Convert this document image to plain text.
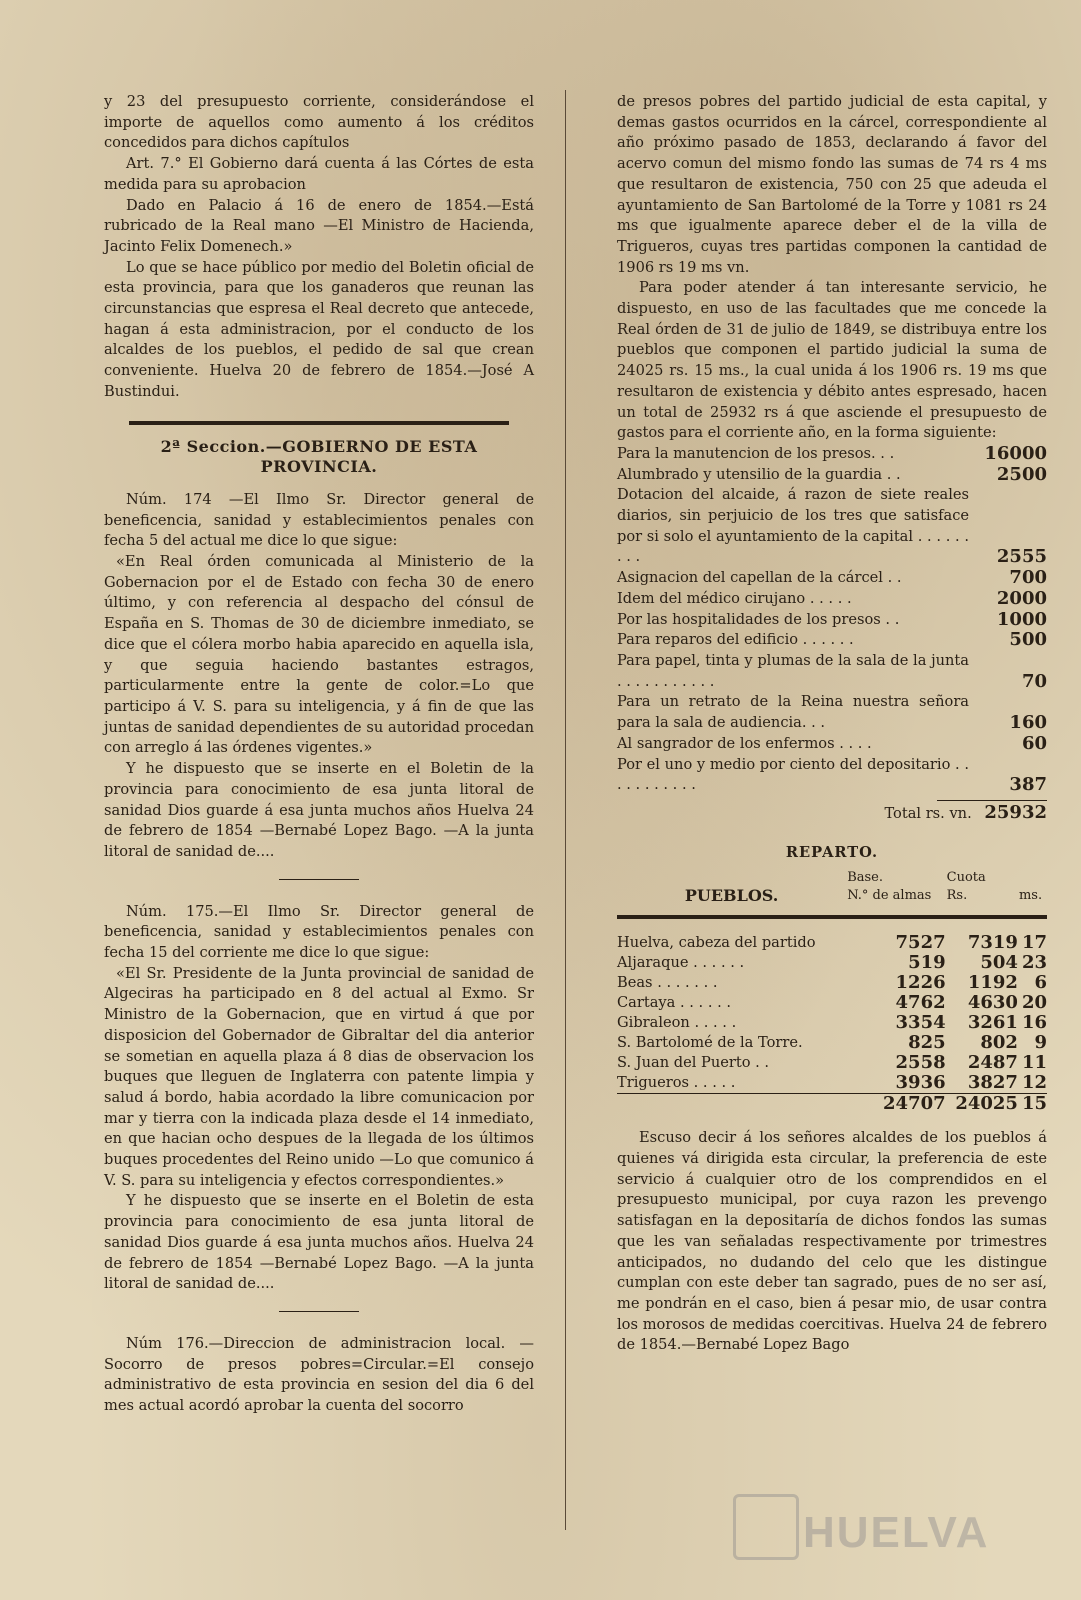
y 23 del presupuesto corriente, considerándose el importe de aquellos como aumento á los créditos concedidos para dichos capítulos

Art. 7.° El Gobierno dará cuenta á las Córtes de esta medida para su aprobacion

Dado en Palacio á 16 de enero de 1854.—Está rubricado de la Real mano —El Ministro de Hacienda, Jacinto Felix Domenech.»

Lo que se hace público por medio del Boletin oficial de esta provincia, para que los ganaderos que reunan las circunstancias que espresa el Real decreto que antecede, hagan á esta administracion, por el conducto de los alcaldes de los pueblos, el pedido de sal que crean conveniente. Huelva 20 de febrero de 1854.—José A Bustindui.

2ª Seccion.—GOBIERNO DE ESTA PROVINCIA.

Núm. 174 —El Ilmo Sr. Director general de beneficencia, sanidad y establecimientos penales con fecha 5 del actual me dice lo que sigue:

«En Real órden comunicada al Ministerio de la Gobernacion por el de Estado con fecha 30 de enero último, y con referencia al despacho del cónsul de España en S. Thomas de 30 de diciembre inmediato, se dice que el cólera morbo habia aparecido en aquella isla, y que seguia haciendo bastantes estragos, particularmente entre la gente de color.=Lo que participo á V. S. para su inteligencia, y á fin de que las juntas de sanidad dependientes de su autoridad procedan con arreglo á las órdenes vigentes.»

Y he dispuesto que se inserte en el Boletin de la provincia para conocimiento de esa junta litoral de sanidad Dios guarde á esa junta muchos años Huelva 24 de febrero de 1854 —Bernabé Lopez Bago. —A la junta litoral de sanidad de....

Núm. 175.—El Ilmo Sr. Director general de beneficencia, sanidad y establecimientos penales con fecha 15 del corriente me dice lo que sigue:

«El Sr. Presidente de la Junta provincial de sanidad de Algeciras ha participado en 8 del actual al Exmo. Sr Ministro de la Gobernacion, que en virtud á que por disposicion del Gobernador de Gibraltar del dia anterior se sometian en aquella plaza á 8 dias de observacion los buques que lleguen de Inglaterra con patente limpia y salud á bordo, habia acordado la libre comunicacion por mar y tierra con la indicada plaza desde el 14 inmediato, en que hacian ocho despues de la llegada de los últimos buques procedentes del Reino unido —Lo que comunico á V. S. para su inteligencia y efectos correspondientes.»

Y he dispuesto que se inserte en el Boletin de esta provincia para conocimiento de esa junta litoral de sanidad Dios guarde á esa junta muchos años. Huelva 24 de febrero de 1854 —Bernabé Lopez Bago. —A la junta litoral de sanidad de....

Núm 176.—Direccion de administracion local. —Socorro de presos pobres=Circular.=El consejo administrativo de esta provincia en sesion del dia 6 del mes actual acordó aprobar la cuenta del socorro

de presos pobres del partido judicial de esta capital, y demas gastos ocurridos en la cárcel, correspondiente al año próximo pasado de 1853, declarando á favor del acervo comun del mismo fondo las sumas de 74 rs 4 ms que resultaron de existencia, 750 con 25 que adeuda el ayuntamiento de San Bartolomé de la Torre y 1081 rs 24 ms que igualmente aparece deber el de la villa de Trigueros, cuyas tres partidas componen la cantidad de 1906 rs 19 ms vn.

Para poder atender á tan interesante servicio, he dispuesto, en uso de las facultades que me concede la Real órden de 31 de julio de 1849, se distribuya entre los pueblos que componen el partido judicial la suma de 24025 rs. 15 ms., la cual unida á los 1906 rs. 19 ms que resultaron de existencia y débito antes espresado, hacen un total de 25932 rs á que asciende el presupuesto de gastos para el corriente año, en la forma siguiente:

Para la manutencion de los presos. . .	16000
Alumbrado y utensilio de la guardia . .	2500
Dotacion del alcaide, á razon de siete reales diarios, sin perjuicio de los tres que satisface por si solo el ayuntamiento de la capital . . . . . . . . .	2555
Asignacion del capellan de la cárcel . .	700
Idem del médico cirujano . . . . .	2000
Por las hospitalidades de los presos . .	1000
Para reparos del edificio . . . . . .	500
Para papel, tinta y plumas de la sala de la junta . . . . . . . . . . .	70
Para un retrato de la Reina nuestra señora para la sala de audiencia. . .	160
Al sangrador de los enfermos . . . .	60
Por el uno y medio por ciento del depositario . . . . . . . . . . .	387
Total rs. vn. 25932
REPARTO.
PUEBLOS.	Base.	Cuota	
	N.° de almas	Rs.	ms.

Huelva, cabeza del partido	7527	7319	17
Aljaraque . . . . . .	519	504	23
Beas . . . . . . .	1226	1192	6
Cartaya . . . . . .	4762	4630	20
Gibraleon . . . . .	3354	3261	16
S. Bartolomé de la Torre.	825	802	9
S. Juan del Puerto . .	2558	2487	11
Trigueros . . . . .	3936	3827	12
	24707	24025	15

Escuso decir á los señores alcaldes de los pueblos á quienes vá dirigida esta circular, la preferencia de este servicio á cualquier otro de los comprendidos en el presupuesto municipal, por cuya razon les prevengo satisfagan en la depositaría de dichos fondos las sumas que les van señaladas respectivamente por trimestres anticipados, no dudando del celo que les distingue cumplan con este deber tan sagrado, pues de no ser así, me pondrán en el caso, bien á pesar mio, de usar contra los morosos de medidas coercitivas. Huelva 24 de febrero de 1854.—Bernabé Lopez Bago

HUELVA
